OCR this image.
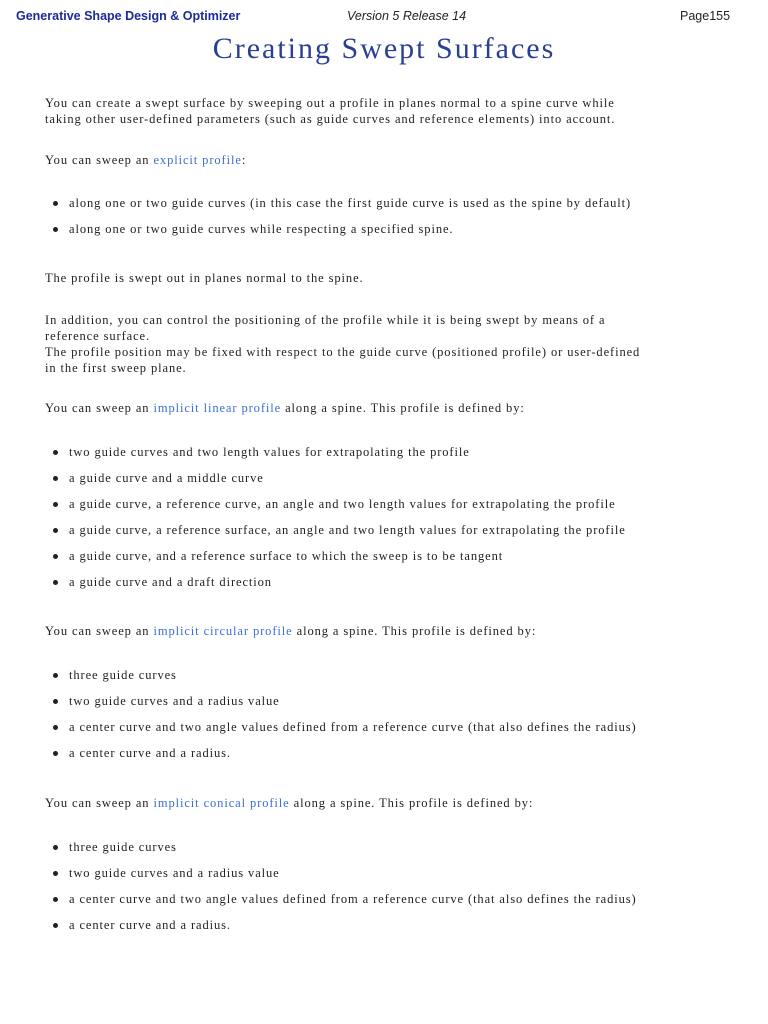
Generative Shape Design & Optimizer	Version 5 Release 14	Page155
Creating Swept Surfaces

You can create a swept surface by sweeping out a profile in planes normal to a spine curve while
taking other user-defined parameters (such as guide curves and reference elements) into account.

You can sweep an explicit profile:

along one or two guide curves (in this case the first guide curve is used as the spine by default)
along one or two guide curves while respecting a specified spine.

The profile is swept out in planes normal to the spine.

In addition, you can control the positioning of the profile while it is being swept by means of a
reference surface.
The profile position may be fixed with respect to the guide curve (positioned profile) or user-defined
in the first sweep plane.

You can sweep an implicit linear profile along a spine. This profile is defined by:

two guide curves and two length values for extrapolating the profile
a guide curve and a middle curve
a guide curve, a reference curve, an angle and two length values for extrapolating the profile
a guide curve, a reference surface, an angle and two length values for extrapolating the profile
a guide curve, and a reference surface to which the sweep is to be tangent
a guide curve and a draft direction

You can sweep an implicit circular profile along a spine. This profile is defined by:

three guide curves
two guide curves and a radius value
a center curve and two angle values defined from a reference curve (that also defines the radius)
a center curve and a radius.

You can sweep an implicit conical profile along a spine. This profile is defined by:

three guide curves
two guide curves and a radius value
a center curve and two angle values defined from a reference curve (that also defines the radius)
a center curve and a radius.
